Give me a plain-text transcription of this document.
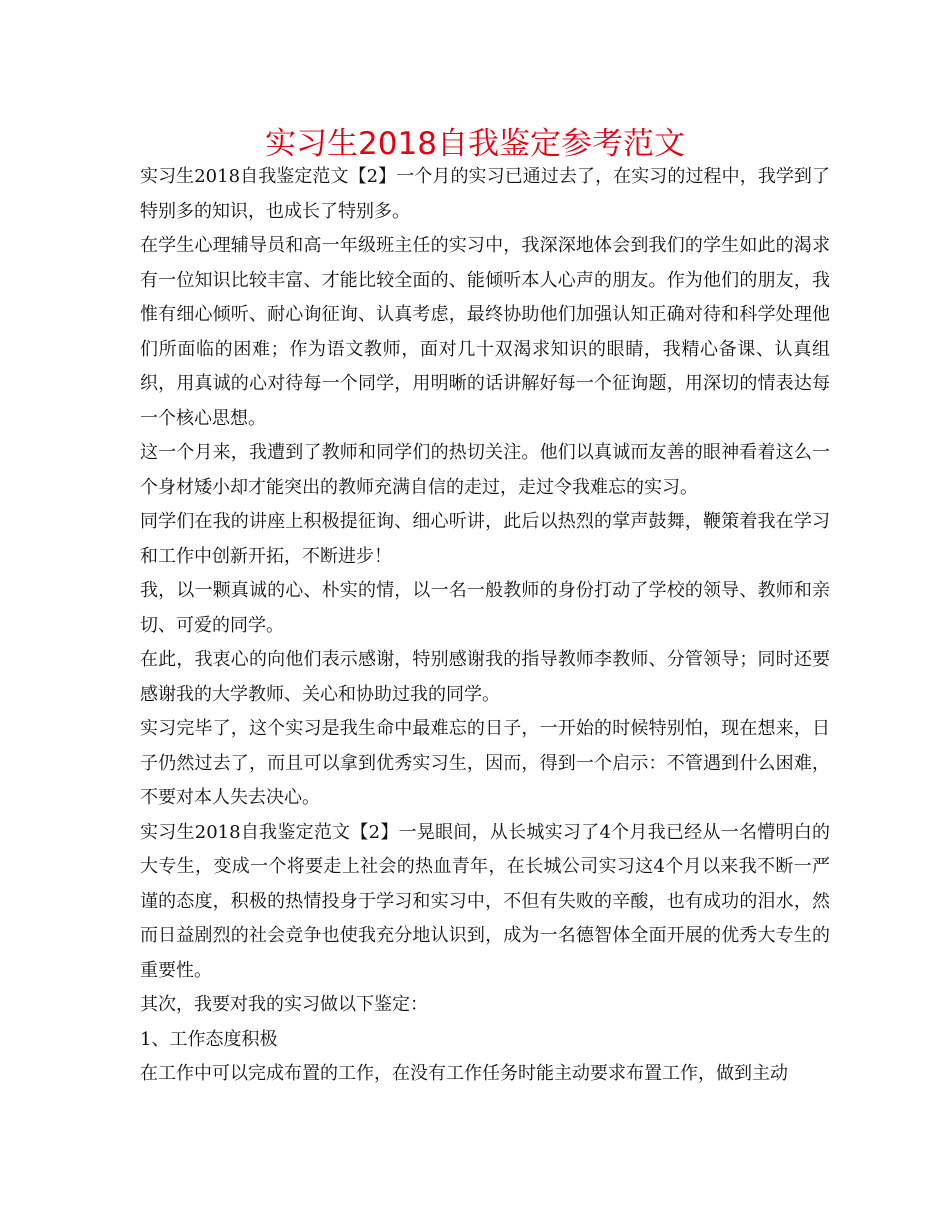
实习生2018自我鉴定参考范文

实习生2018自我鉴定范文【2】一个月的实习已通过去了，在实习的过程中，我学到了特别多的知识，也成长了特别多。

在学生心理辅导员和高一年级班主任的实习中，我深深地体会到我们的学生如此的渴求有一位知识比较丰富、才能比较全面的、能倾听本人心声的朋友。作为他们的朋友，我惟有细心倾听、耐心询征询、认真考虑，最终协助他们加强认知正确对待和科学处理他们所面临的困难；作为语文教师，面对几十双渴求知识的眼睛，我精心备课、认真组织，用真诚的心对待每一个同学，用明晰的话讲解好每一个征询题，用深切的情表达每一个核心思想。

这一个月来，我遭到了教师和同学们的热切关注。他们以真诚而友善的眼神看着这么一个身材矮小却才能突出的教师充满自信的走过，走过令我难忘的实习。

同学们在我的讲座上积极提征询、细心听讲，此后以热烈的掌声鼓舞，鞭策着我在学习和工作中创新开拓，不断进步！

我，以一颗真诚的心、朴实的情，以一名一般教师的身份打动了学校的领导、教师和亲切、可爱的同学。

在此，我衷心的向他们表示感谢，特别感谢我的指导教师李教师、分管领导；同时还要感谢我的大学教师、关心和协助过我的同学。

实习完毕了，这个实习是我生命中最难忘的日子，一开始的时候特别怕，现在想来，日子仍然过去了，而且可以拿到优秀实习生，因而，得到一个启示：不管遇到什么困难，不要对本人失去决心。

实习生2018自我鉴定范文【2】一晃眼间，从长城实习了4个月我已经从一名懵明白的大专生，变成一个将要走上社会的热血青年，在长城公司实习这4个月以来我不断一严谨的态度，积极的热情投身于学习和实习中，不但有失败的辛酸，也有成功的泪水，然而日益剧烈的社会竞争也使我充分地认识到，成为一名德智体全面开展的优秀大专生的重要性。

其次，我要对我的实习做以下鉴定：

1、工作态度积极

在工作中可以完成布置的工作，在没有工作任务时能主动要求布置工作，做到主动
